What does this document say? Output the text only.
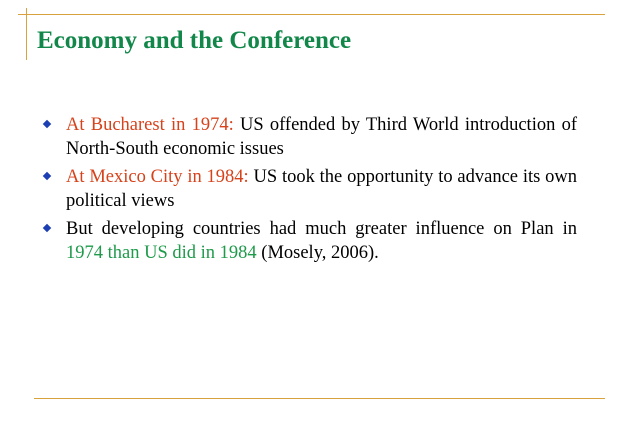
Economy and the Conference
At Bucharest in 1974: US offended by Third World introduction of North-South economic issues
At Mexico City in 1984: US took the opportunity to advance its own political views
But developing countries had much greater influence on Plan in 1974 than US did in 1984 (Mosely, 2006).
